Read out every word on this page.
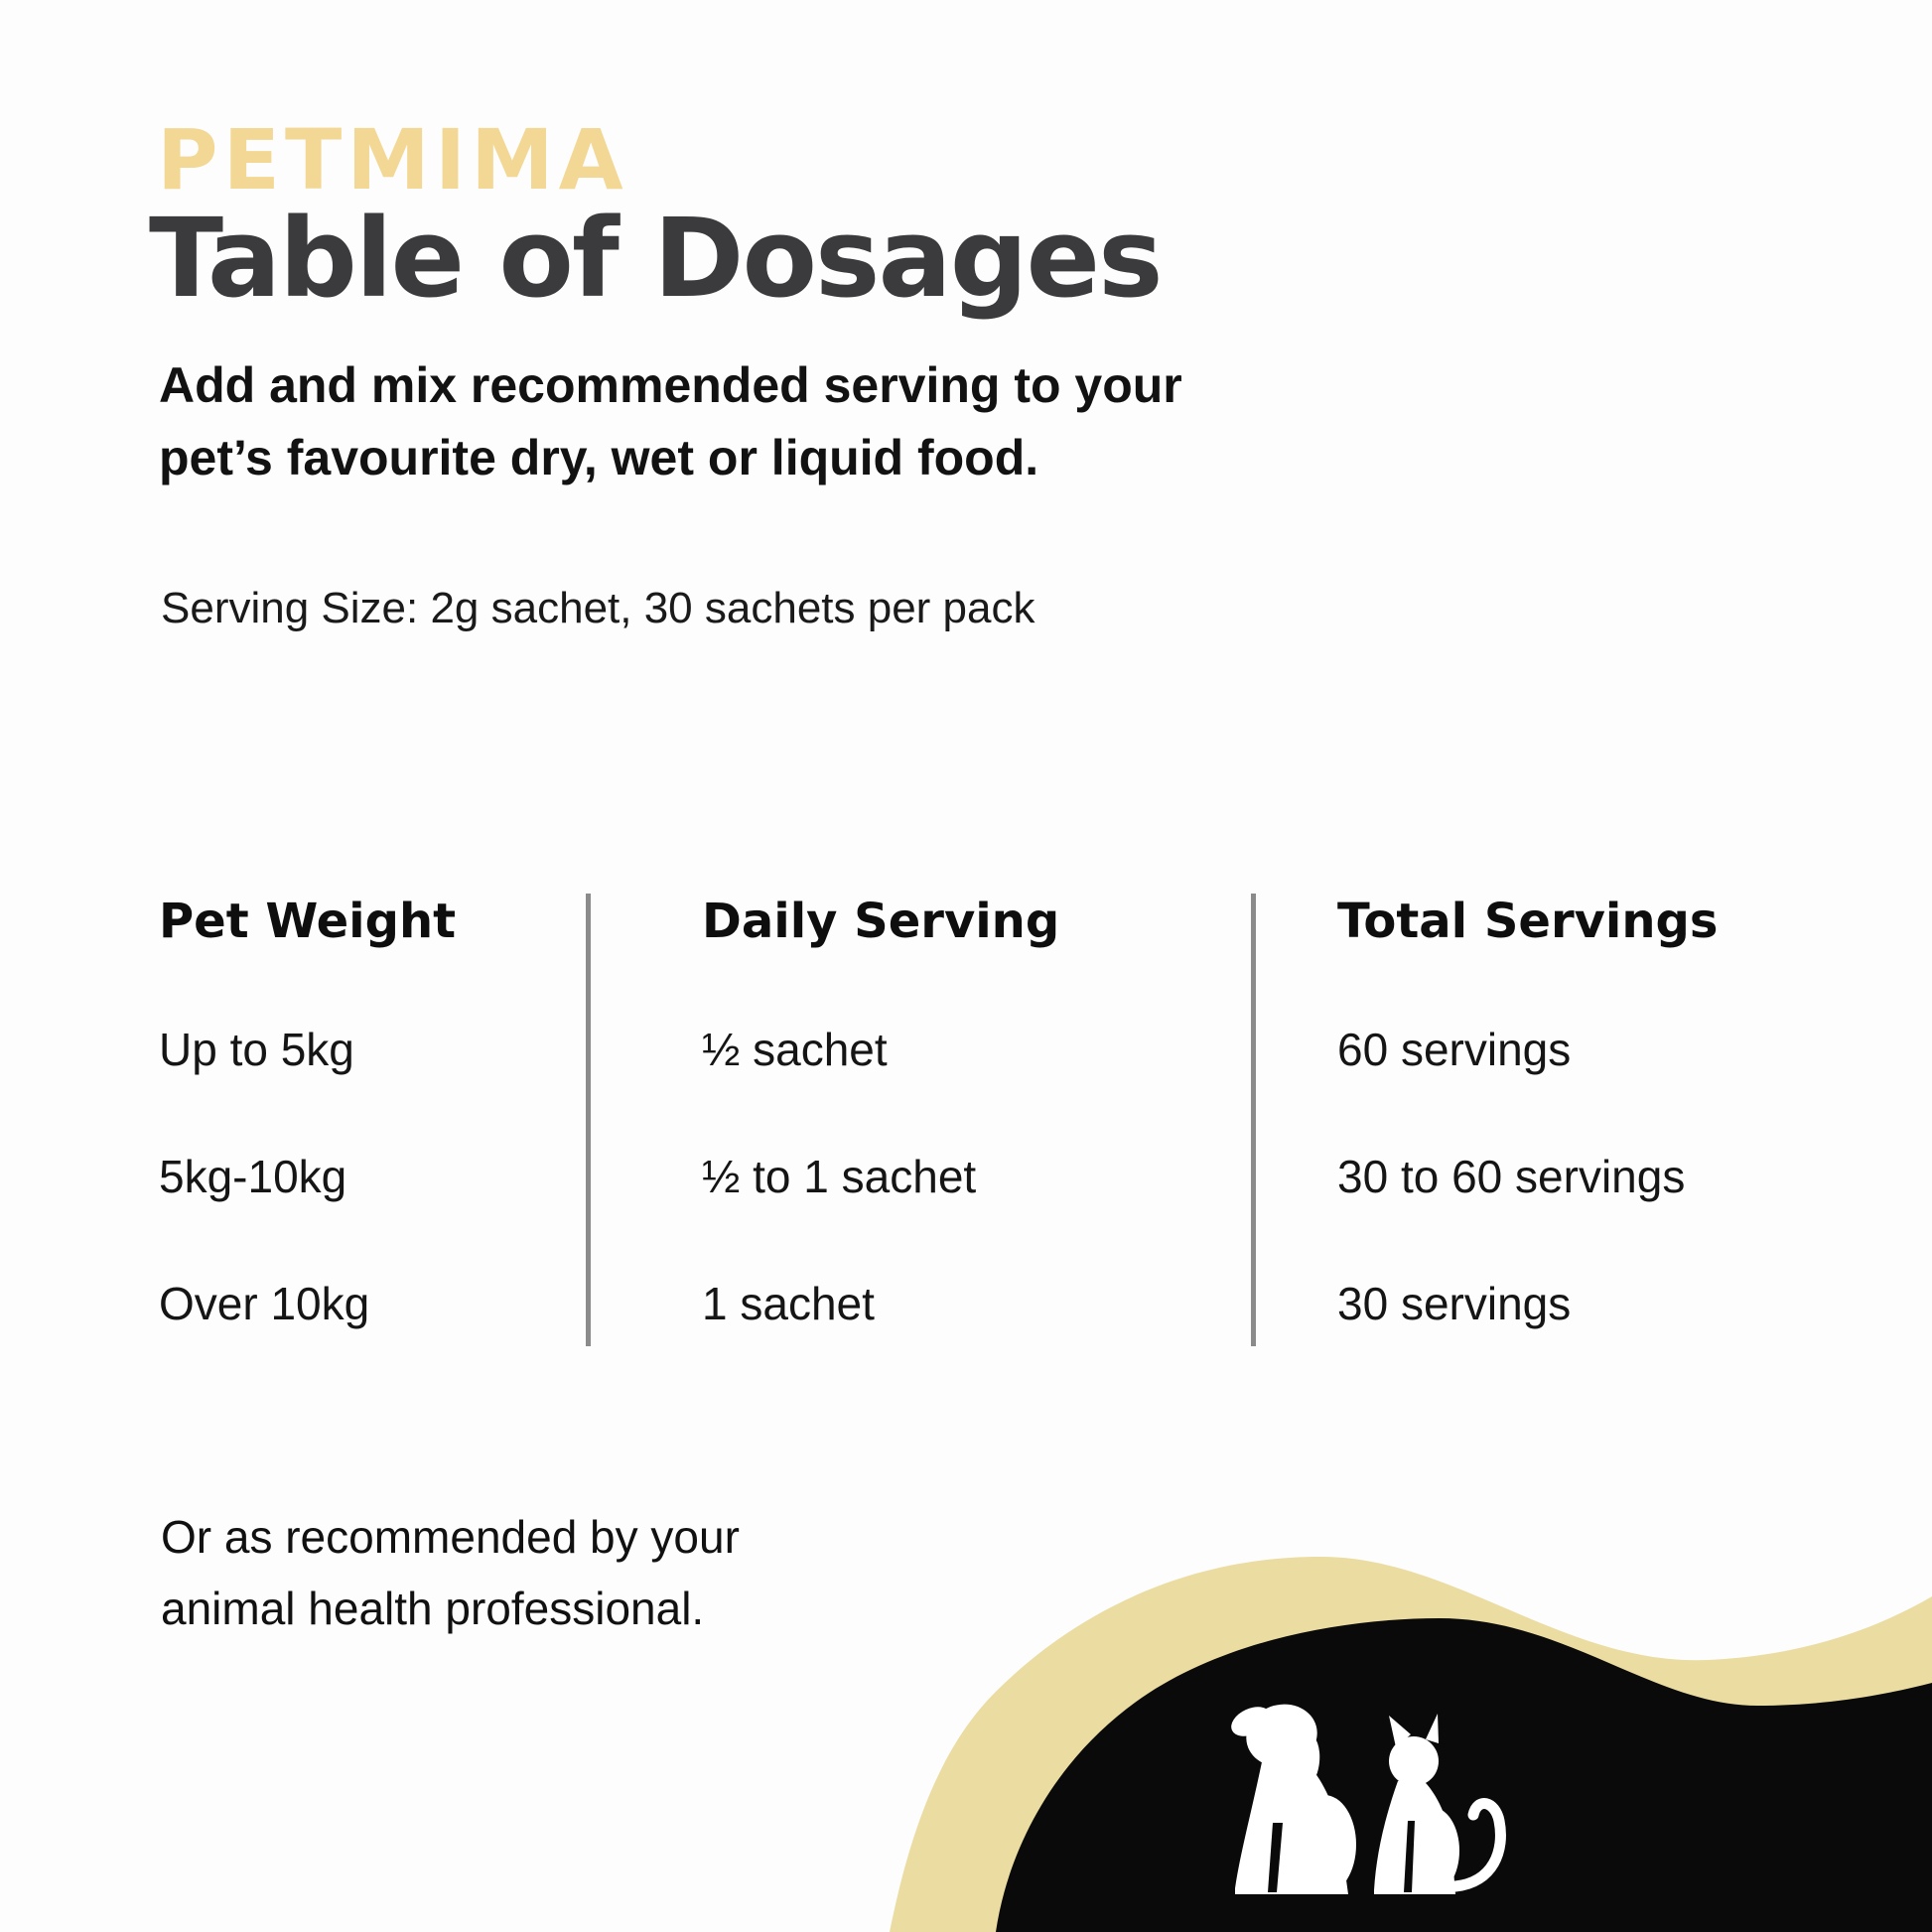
PETMIMA
Table of Dosages

Add and mix recommended serving to your
pet’s favourite dry, wet or liquid food.

Serving Size: 2g sachet, 30 sachets per pack

Pet Weight	Daily Serving	Total Servings
Up to 5kg	½ sachet	60 servings
5kg-10kg	½ to 1 sachet	30 to 60 servings
Over 10kg	1 sachet	30 servings

Or as recommended by your
animal health professional.
